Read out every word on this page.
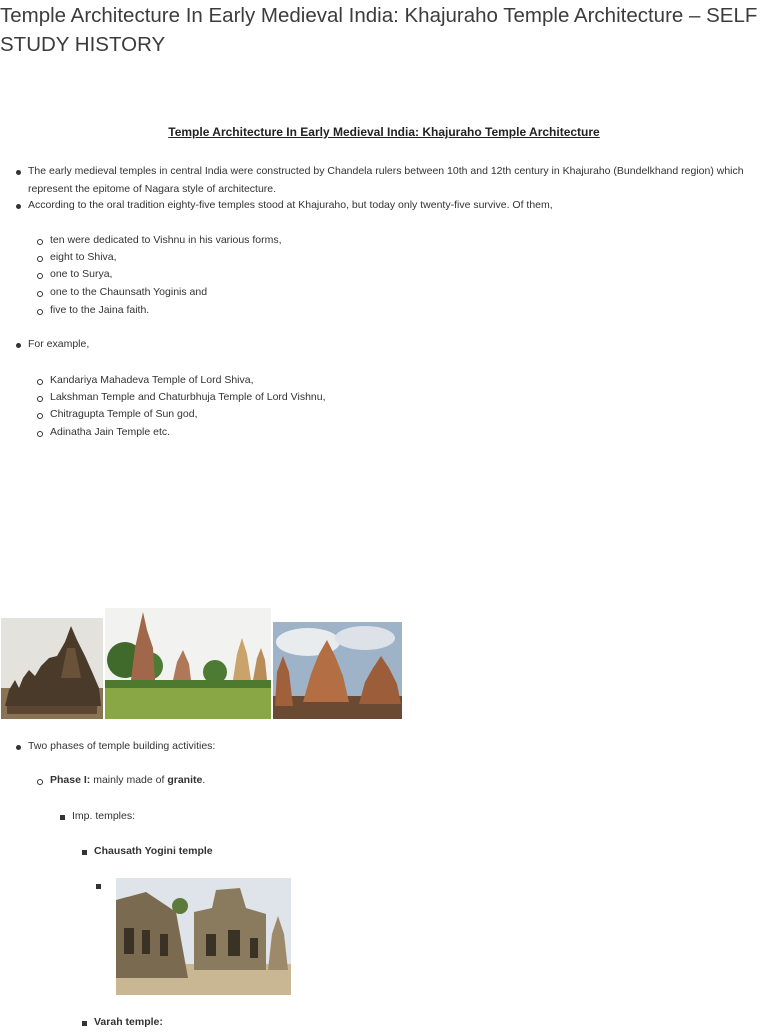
Temple Architecture In Early Medieval India: Khajuraho Temple Architecture – SELF STUDY HISTORY
Temple Architecture In Early Medieval India: Khajuraho Temple Architecture
The early medieval temples in central India were constructed by Chandela rulers between 10th and 12th century in Khajuraho (Bundelkhand region) which represent the epitome of Nagara style of architecture.
According to the oral tradition eighty-five temples stood at Khajuraho, but today only twenty-five survive. Of them,
ten were dedicated to Vishnu in his various forms,
eight to Shiva,
one to Surya,
one to the Chaunsath Yoginis and
five to the Jaina faith.
For example,
Kandariya Mahadeva Temple of Lord Shiva,
Lakshman Temple and Chaturbhuja Temple of Lord Vishnu,
Chitragupta Temple of Sun god,
Adinatha Jain Temple etc.
Two phases of temple building activities:
Phase I: mainly made of granite.
Imp. temples:
Chausath Yogini temple
Varah temple:
